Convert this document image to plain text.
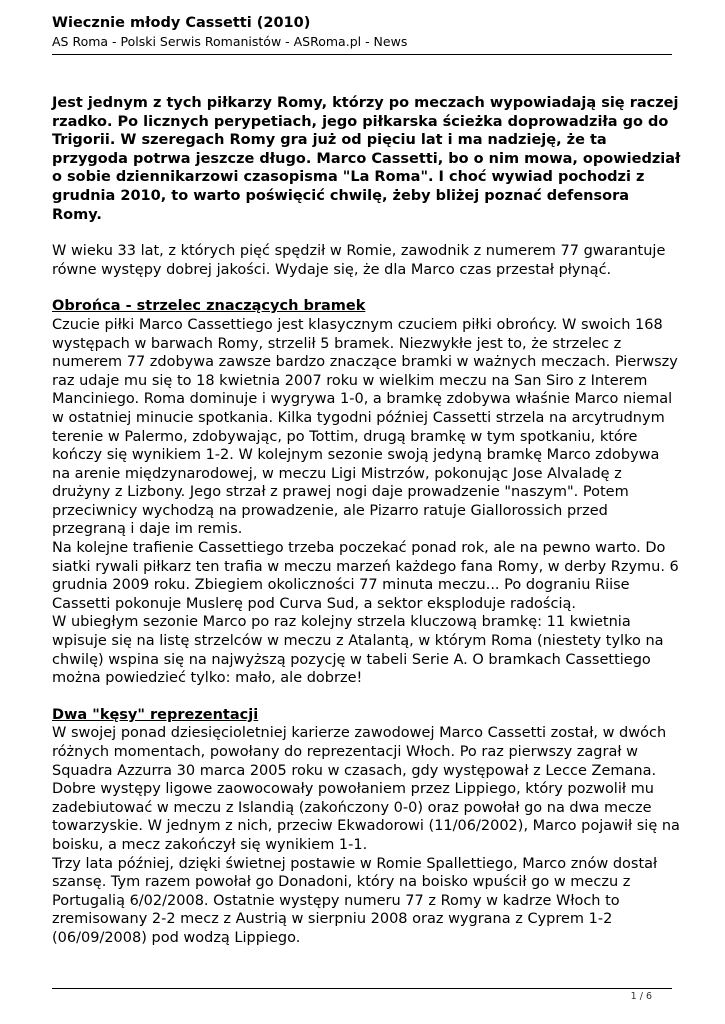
Wiecznie młody Cassetti (2010)

AS Roma - Polski Serwis Romanistów - ASRoma.pl - News

Jest jednym z tych piłkarzy Romy, którzy po meczach wypowiadają się raczej rzadko. Po licznych perypetiach, jego piłkarska ścieżka doprowadziła go do Trigorii. W szeregach Romy gra już od pięciu lat i ma nadzieję, że ta przygoda potrwa jeszcze długo. Marco Cassetti, bo o nim mowa, opowiedział o sobie dziennikarzowi czasopisma "La Roma". I choć wywiad pochodzi z grudnia 2010, to warto poświęcić chwilę, żeby bliżej poznać defensora Romy.

W wieku 33 lat, z których pięć spędził w Romie, zawodnik z numerem 77 gwarantuje równe występy dobrej jakości. Wydaje się, że dla Marco czas przestał płynąć.

Obrońca - strzelec znaczących bramek

Czucie piłki Marco Cassettiego jest klasycznym czuciem piłki obrońcy. W swoich 168 występach w barwach Romy, strzelił 5 bramek. Niezwykłe jest to, że strzelec z numerem 77 zdobywa zawsze bardzo znaczące bramki w ważnych meczach. Pierwszy raz udaje mu się to 18 kwietnia 2007 roku w wielkim meczu na San Siro z Interem Manciniego. Roma dominuje i wygrywa 1-0, a bramkę zdobywa właśnie Marco niemal w ostatniej minucie spotkania. Kilka tygodni później Cassetti strzela na arcytrudnym terenie w Palermo, zdobywając, po Tottim, drugą bramkę w tym spotkaniu, które kończy się wynikiem 1-2. W kolejnym sezonie swoją jedyną bramkę Marco zdobywa na arenie międzynarodowej, w meczu Ligi Mistrzów, pokonując Jose Alvaladę z drużyny z Lizbony. Jego strzał z prawej nogi daje prowadzenie "naszym". Potem przeciwnicy wychodzą na prowadzenie, ale Pizarro ratuje Giallorossich przed przegraną i daje im remis.

Na kolejne trafienie Cassettiego trzeba poczekać ponad rok, ale na pewno warto. Do siatki rywali piłkarz ten trafia w meczu marzeń każdego fana Romy, w derby Rzymu. 6 grudnia 2009 roku. Zbiegiem okoliczności 77 minuta meczu... Po dograniu Riise Cassetti pokonuje Muslerę pod Curva Sud, a sektor eksploduje radością.

W ubiegłym sezonie Marco po raz kolejny strzela kluczową bramkę: 11 kwietnia wpisuje się na listę strzelców w meczu z Atalantą, w którym Roma (niestety tylko na chwilę) wspina się na najwyższą pozycję w tabeli Serie A. O bramkach Cassettiego można powiedzieć tylko: mało, ale dobrze!

Dwa "kęsy" reprezentacji

W swojej ponad dziesięcioletniej karierze zawodowej Marco Cassetti został, w dwóch różnych momentach, powołany do reprezentacji Włoch. Po raz pierwszy zagrał w Squadra Azzurra 30 marca 2005 roku w czasach, gdy występował z Lecce Zemana. Dobre występy ligowe zaowocowały powołaniem przez Lippiego, który pozwolił mu zadebiutować w meczu z Islandią (zakończony 0-0) oraz powołał go na dwa mecze towarzyskie. W jednym z nich, przeciw Ekwadorowi (11/06/2002), Marco pojawił się na boisku, a mecz zakończył się wynikiem 1-1.

Trzy lata później, dzięki świetnej postawie w Romie Spallettiego, Marco znów dostał szansę. Tym razem powołał go Donadoni, który na boisko wpuścił go w meczu z Portugalią 6/02/2008. Ostatnie występy numeru 77 z Romy w kadrze Włoch to zremisowany 2-2 mecz z Austrią w sierpniu 2008 oraz wygrana z Cyprem 1-2 (06/09/2008) pod wodzą Lippiego.

1 / 6
